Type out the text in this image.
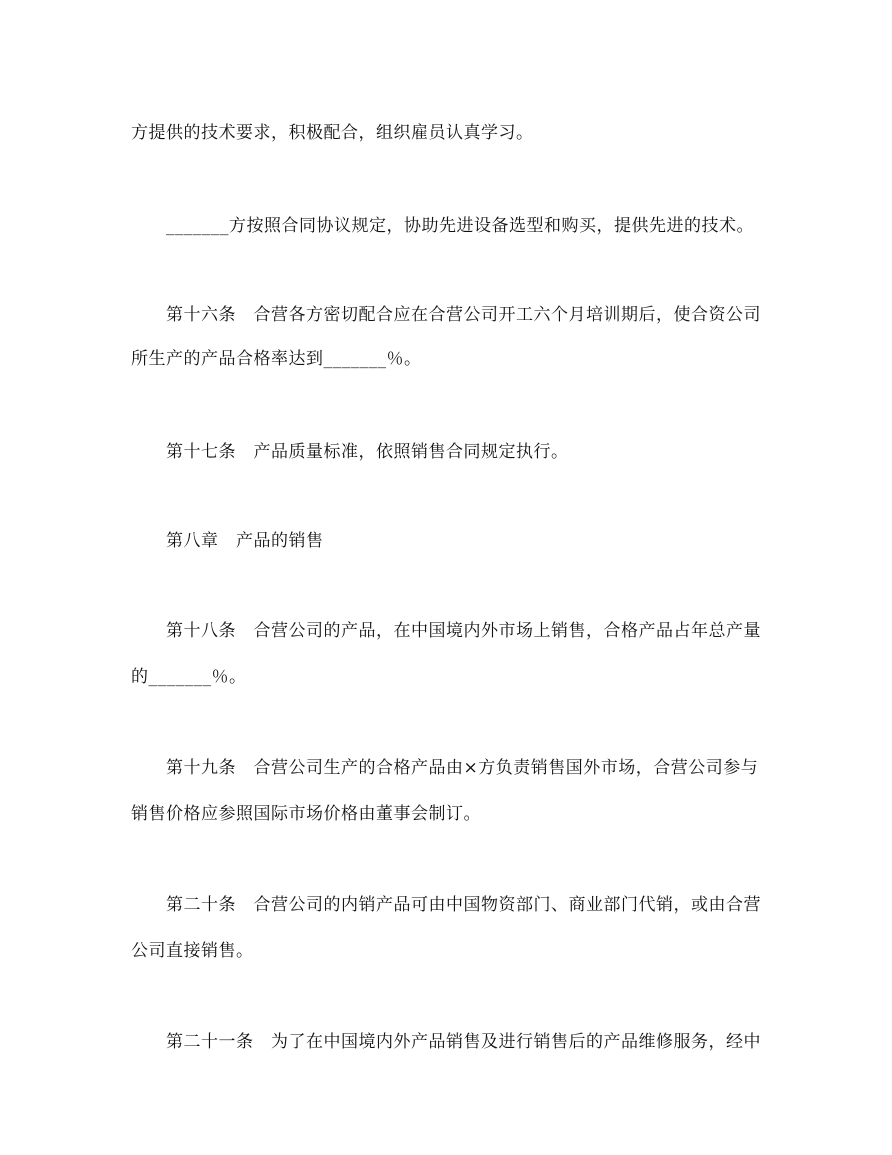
方提供的技术要求，积极配合，组织雇员认真学习。

_______方按照合同协议规定，协助先进设备选型和购买，提供先进的技术。

第十六条　合营各方密切配合应在合营公司开工六个月培训期后，使合资公司

所生产的产品合格率达到_______％。

第十七条　产品质量标准，依照销售合同规定执行。

第八章　产品的销售

第十八条　合营公司的产品，在中国境内外市场上销售，合格产品占年总产量

的_______％。

第十九条　合营公司生产的合格产品由×方负责销售国外市场，合营公司参与

销售价格应参照国际市场价格由董事会制订。

第二十条　合营公司的内销产品可由中国物资部门、商业部门代销，或由合营

公司直接销售。

第二十一条　为了在中国境内外产品销售及进行销售后的产品维修服务，经中
